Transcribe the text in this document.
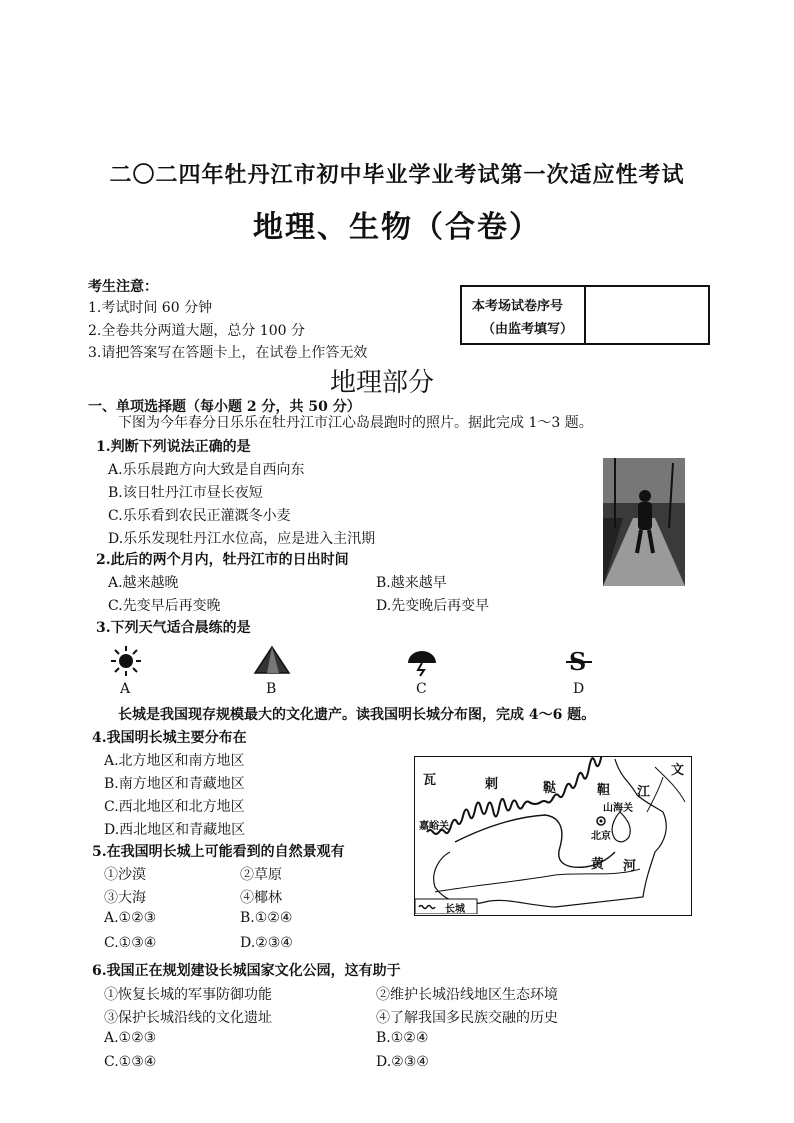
二〇二四年牡丹江市初中毕业学业考试第一次适应性考试
地理、生物（合卷）
考生注意：
1.考试时间 60 分钟
2.全卷共分两道大题，总分 100 分
3.请把答案写在答题卡上，在试卷上作答无效
本考场试卷序号
（由监考填写）
地理部分
一、单项选择题（每小题 2 分，共 50 分）
下图为今年春分日乐乐在牡丹江市江心岛晨跑时的照片。据此完成 1～3 题。
1.判断下列说法正确的是
A.乐乐晨跑方向大致是自西向东
B.该日牡丹江市昼长夜短
C.乐乐看到农民正灌溉冬小麦
D.乐乐发现牡丹江水位高，应是进入主汛期
2.此后的两个月内，牡丹江市的日出时间
A.越来越晚	B.越来越早
C.先变早后再变晚	D.先变晚后再变早
3.下列天气适合晨练的是
S
A	B	C	D
长城是我国现存规模最大的文化遗产。读我国明长城分布图，完成 4～6 题。
4.我国明长城主要分布在
A.北方地区和南方地区
B.南方地区和青藏地区
C.西北地区和北方地区
D.西北地区和青藏地区
5.在我国明长城上可能看到的自然景观有
①沙漠	②草原
③大海	④椰林
A.①②③	B.①②④
C.①③④	D.②③④
瓦	剌	鞑	靼 江
文
嘉峪关
山海关
北京
黄 河
长城
6.我国正在规划建设长城国家文化公园，这有助于
①恢复长城的军事防御功能	②维护长城沿线地区生态环境
③保护长城沿线的文化遗址	④了解我国多民族交融的历史
A.①②③	B.①②④
C.①③④	D.②③④
